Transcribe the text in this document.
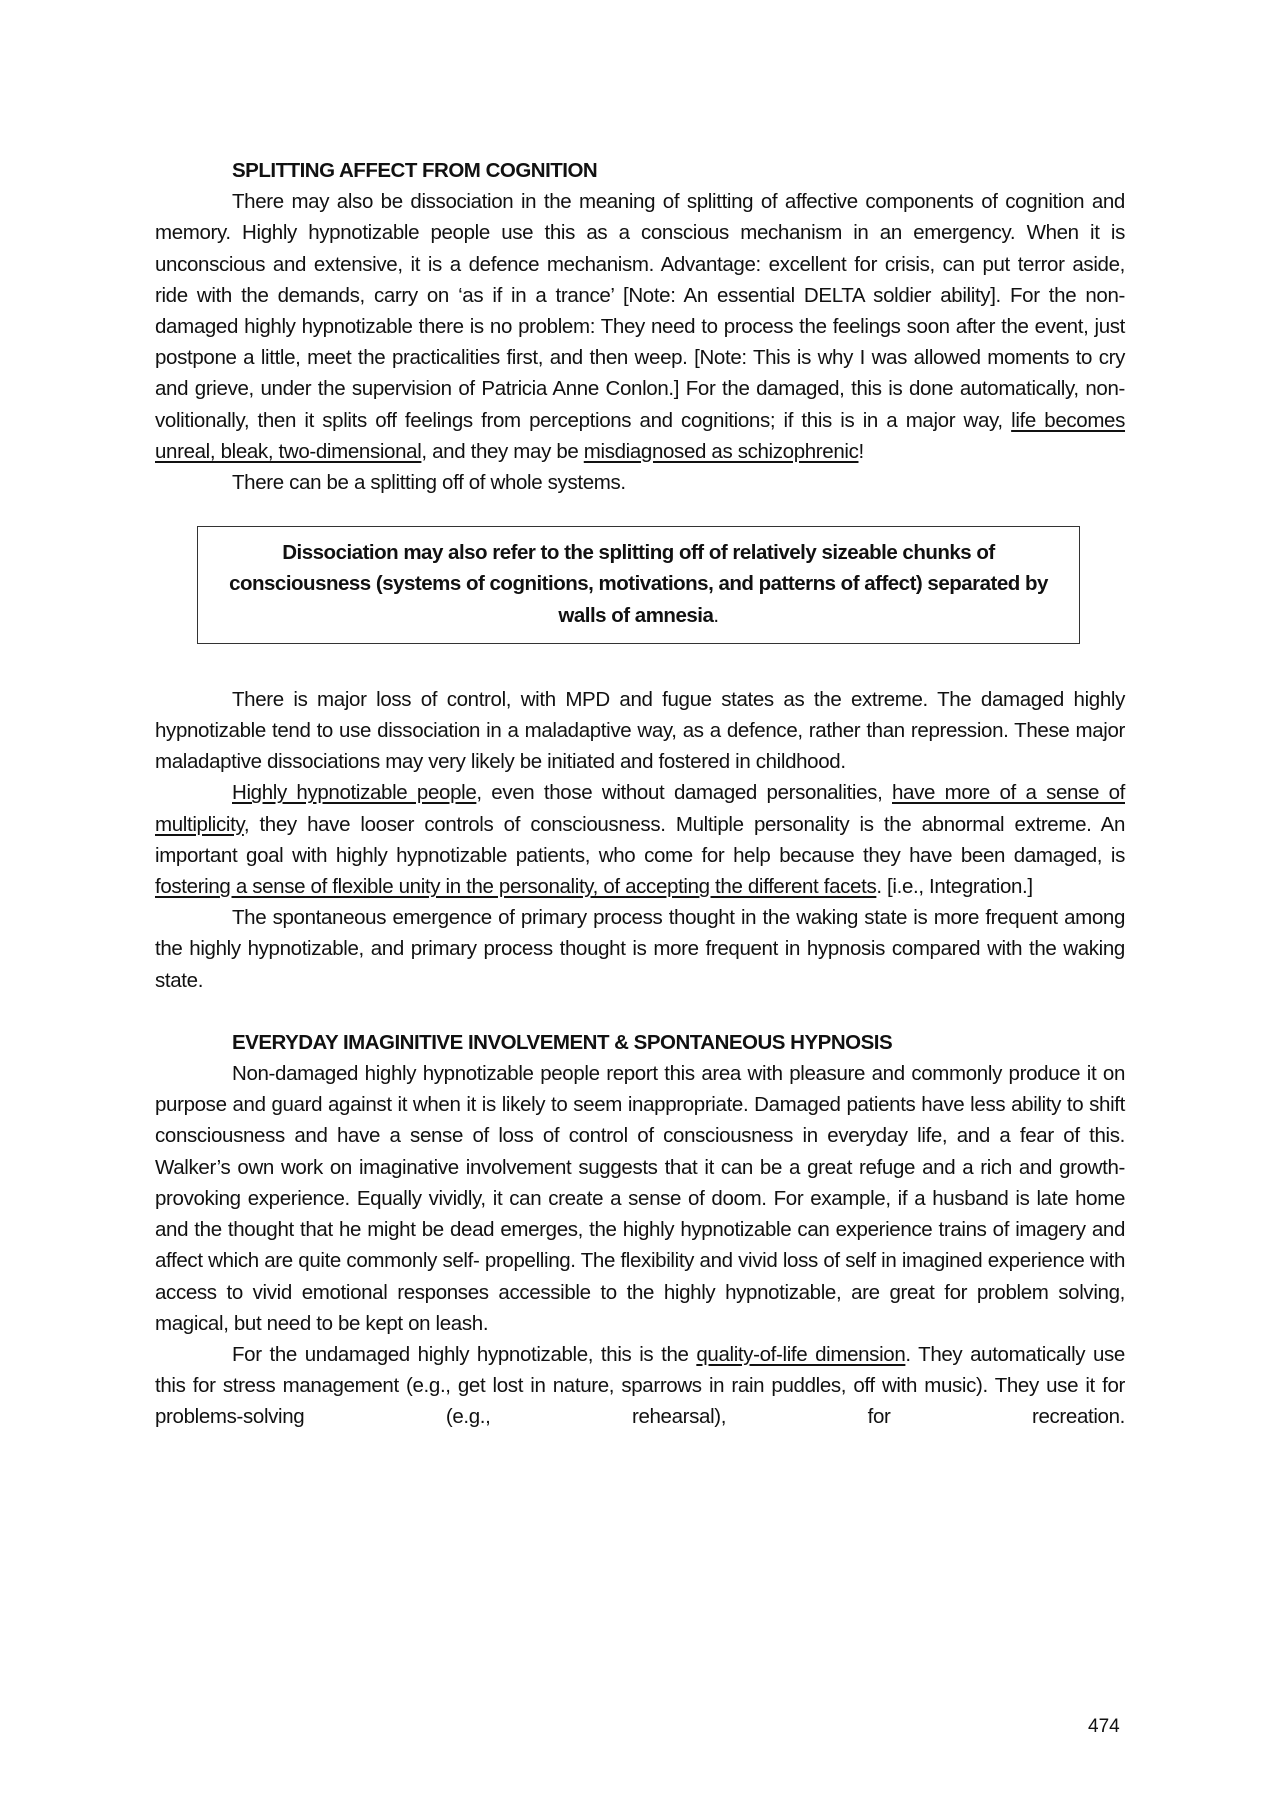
SPLITTING AFFECT FROM COGNITION

There may also be dissociation in the meaning of splitting of affective components of cognition and memory. Highly hypnotizable people use this as a conscious mechanism in an emergency. When it is unconscious and extensive, it is a defence mechanism. Advantage: excellent for crisis, can put terror aside, ride with the demands, carry on ‘as if in a trance’ [Note: An essential DELTA soldier ability]. For the non-damaged highly hypnotizable there is no problem: They need to process the feelings soon after the event, just postpone a little, meet the practicalities first, and then weep. [Note: This is why I was allowed moments to cry and grieve, under the supervision of Patricia Anne Conlon.] For the damaged, this is done automatically, non-volitionally, then it splits off feelings from perceptions and cognitions; if this is in a major way, life becomes unreal, bleak, two-dimensional, and they may be misdiagnosed as schizophrenic!

There can be a splitting off of whole systems.

Dissociation may also refer to the splitting off of relatively sizeable chunks of consciousness (systems of cognitions, motivations, and patterns of affect) separated by walls of amnesia.

There is major loss of control, with MPD and fugue states as the extreme. The damaged highly hypnotizable tend to use dissociation in a maladaptive way, as a defence, rather than repression. These major maladaptive dissociations may very likely be initiated and fostered in childhood.

Highly hypnotizable people, even those without damaged personalities, have more of a sense of multiplicity, they have looser controls of consciousness. Multiple personality is the abnormal extreme. An important goal with highly hypnotizable patients, who come for help because they have been damaged, is fostering a sense of flexible unity in the personality, of accepting the different facets. [i.e., Integration.]

The spontaneous emergence of primary process thought in the waking state is more frequent among the highly hypnotizable, and primary process thought is more frequent in hypnosis compared with the waking state.

EVERYDAY IMAGINITIVE INVOLVEMENT & SPONTANEOUS HYPNOSIS

Non-damaged highly hypnotizable people report this area with pleasure and commonly produce it on purpose and guard against it when it is likely to seem inappropriate. Damaged patients have less ability to shift consciousness and have a sense of loss of control of consciousness in everyday life, and a fear of this. Walker’s own work on imaginative involvement suggests that it can be a great refuge and a rich and growth-provoking experience. Equally vividly, it can create a sense of doom. For example, if a husband is late home and the thought that he might be dead emerges, the highly hypnotizable can experience trains of imagery and affect which are quite commonly self- propelling. The flexibility and vivid loss of self in imagined experience with access to vivid emotional responses accessible to the highly hypnotizable, are great for problem solving, magical, but need to be kept on leash.

For the undamaged highly hypnotizable, this is the quality-of-life dimension. They automatically use this for stress management (e.g., get lost in nature, sparrows in rain puddles, off with music). They use it for problems-solving (e.g., rehearsal), for recreation.

474
